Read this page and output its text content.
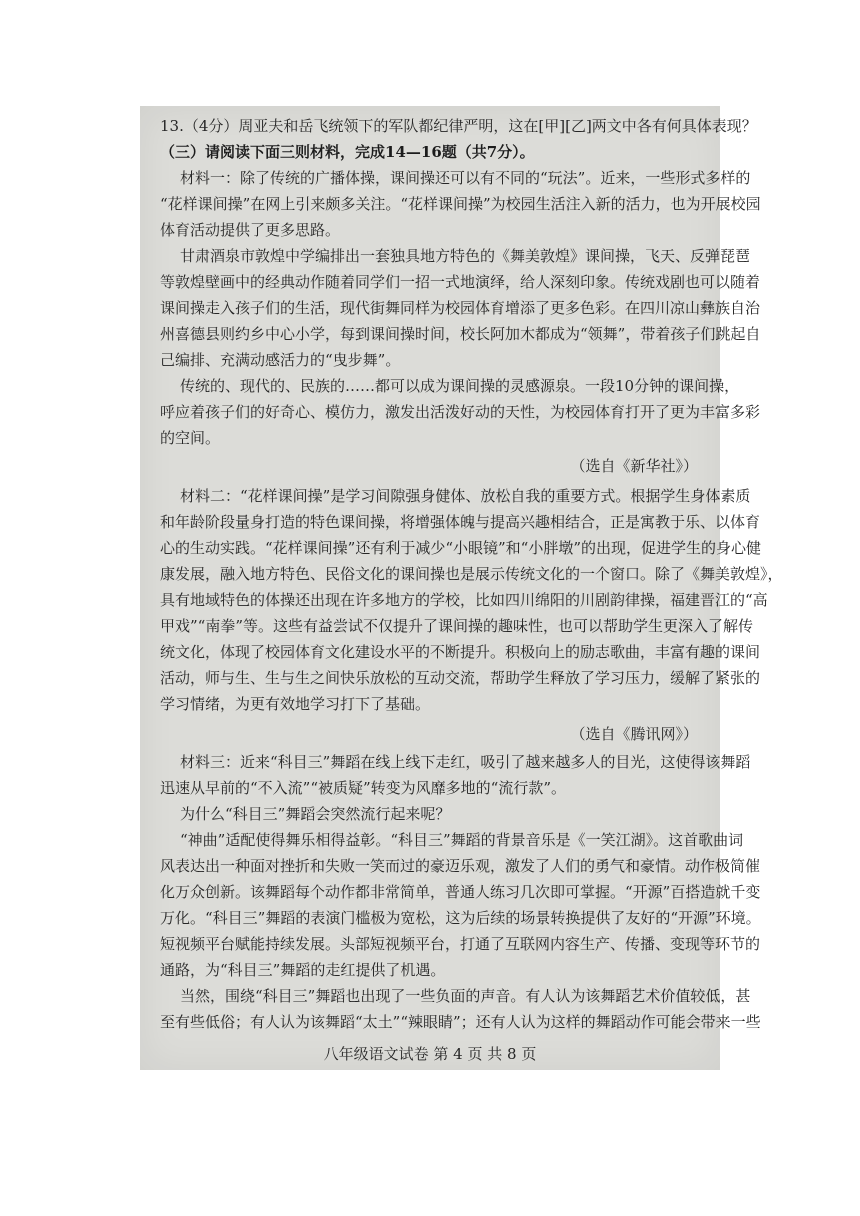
13.（4分）周亚夫和岳飞统领下的军队都纪律严明，这在[甲][乙]两文中各有何具体表现？
（三）请阅读下面三则材料，完成14—16题（共7分）。
材料一：除了传统的广播体操，课间操还可以有不同的“玩法”。近来，一些形式多样的
“花样课间操”在网上引来颇多关注。“花样课间操”为校园生活注入新的活力，也为开展校园
体育活动提供了更多思路。
甘肃酒泉市敦煌中学编排出一套独具地方特色的《舞美敦煌》课间操，飞天、反弹琵琶
等敦煌壁画中的经典动作随着同学们一招一式地演绎，给人深刻印象。传统戏剧也可以随着
课间操走入孩子们的生活，现代街舞同样为校园体育增添了更多色彩。在四川凉山彝族自治
州喜德县则约乡中心小学，每到课间操时间，校长阿加木都成为“领舞”，带着孩子们跳起自
己编排、充满动感活力的“曳步舞”。
传统的、现代的、民族的……都可以成为课间操的灵感源泉。一段10分钟的课间操，
呼应着孩子们的好奇心、模仿力，激发出活泼好动的天性，为校园体育打开了更为丰富多彩
的空间。
（选自《新华社》）
材料二：“花样课间操”是学习间隙强身健体、放松自我的重要方式。根据学生身体素质
和年龄阶段量身打造的特色课间操，将增强体魄与提高兴趣相结合，正是寓教于乐、以体育
心的生动实践。“花样课间操”还有利于减少“小眼镜”和“小胖墩”的出现，促进学生的身心健
康发展，融入地方特色、民俗文化的课间操也是展示传统文化的一个窗口。除了《舞美敦煌》，
具有地域特色的体操还出现在许多地方的学校，比如四川绵阳的川剧韵律操，福建晋江的“高
甲戏”“南拳”等。这些有益尝试不仅提升了课间操的趣味性，也可以帮助学生更深入了解传
统文化，体现了校园体育文化建设水平的不断提升。积极向上的励志歌曲，丰富有趣的课间
活动，师与生、生与生之间快乐放松的互动交流，帮助学生释放了学习压力，缓解了紧张的
学习情绪，为更有效地学习打下了基础。
（选自《腾讯网》）
材料三：近来“科目三”舞蹈在线上线下走红，吸引了越来越多人的目光，这使得该舞蹈
迅速从早前的“不入流”“被质疑”转变为风靡多地的“流行款”。
为什么“科目三”舞蹈会突然流行起来呢？
“神曲”适配使得舞乐相得益彰。“科目三”舞蹈的背景音乐是《一笑江湖》。这首歌曲词
风表达出一种面对挫折和失败一笑而过的豪迈乐观，激发了人们的勇气和豪情。动作极简催
化万众创新。该舞蹈每个动作都非常简单，普通人练习几次即可掌握。“开源”百搭造就千变
万化。“科目三”舞蹈的表演门槛极为宽松，这为后续的场景转换提供了友好的“开源”环境。
短视频平台赋能持续发展。头部短视频平台，打通了互联网内容生产、传播、变现等环节的
通路，为“科目三”舞蹈的走红提供了机遇。
当然，围绕“科目三”舞蹈也出现了一些负面的声音。有人认为该舞蹈艺术价值较低，甚
至有些低俗；有人认为该舞蹈“太土”“辣眼睛”；还有人认为这样的舞蹈动作可能会带来一些
八年级语文试卷 第 4 页 共 8 页
